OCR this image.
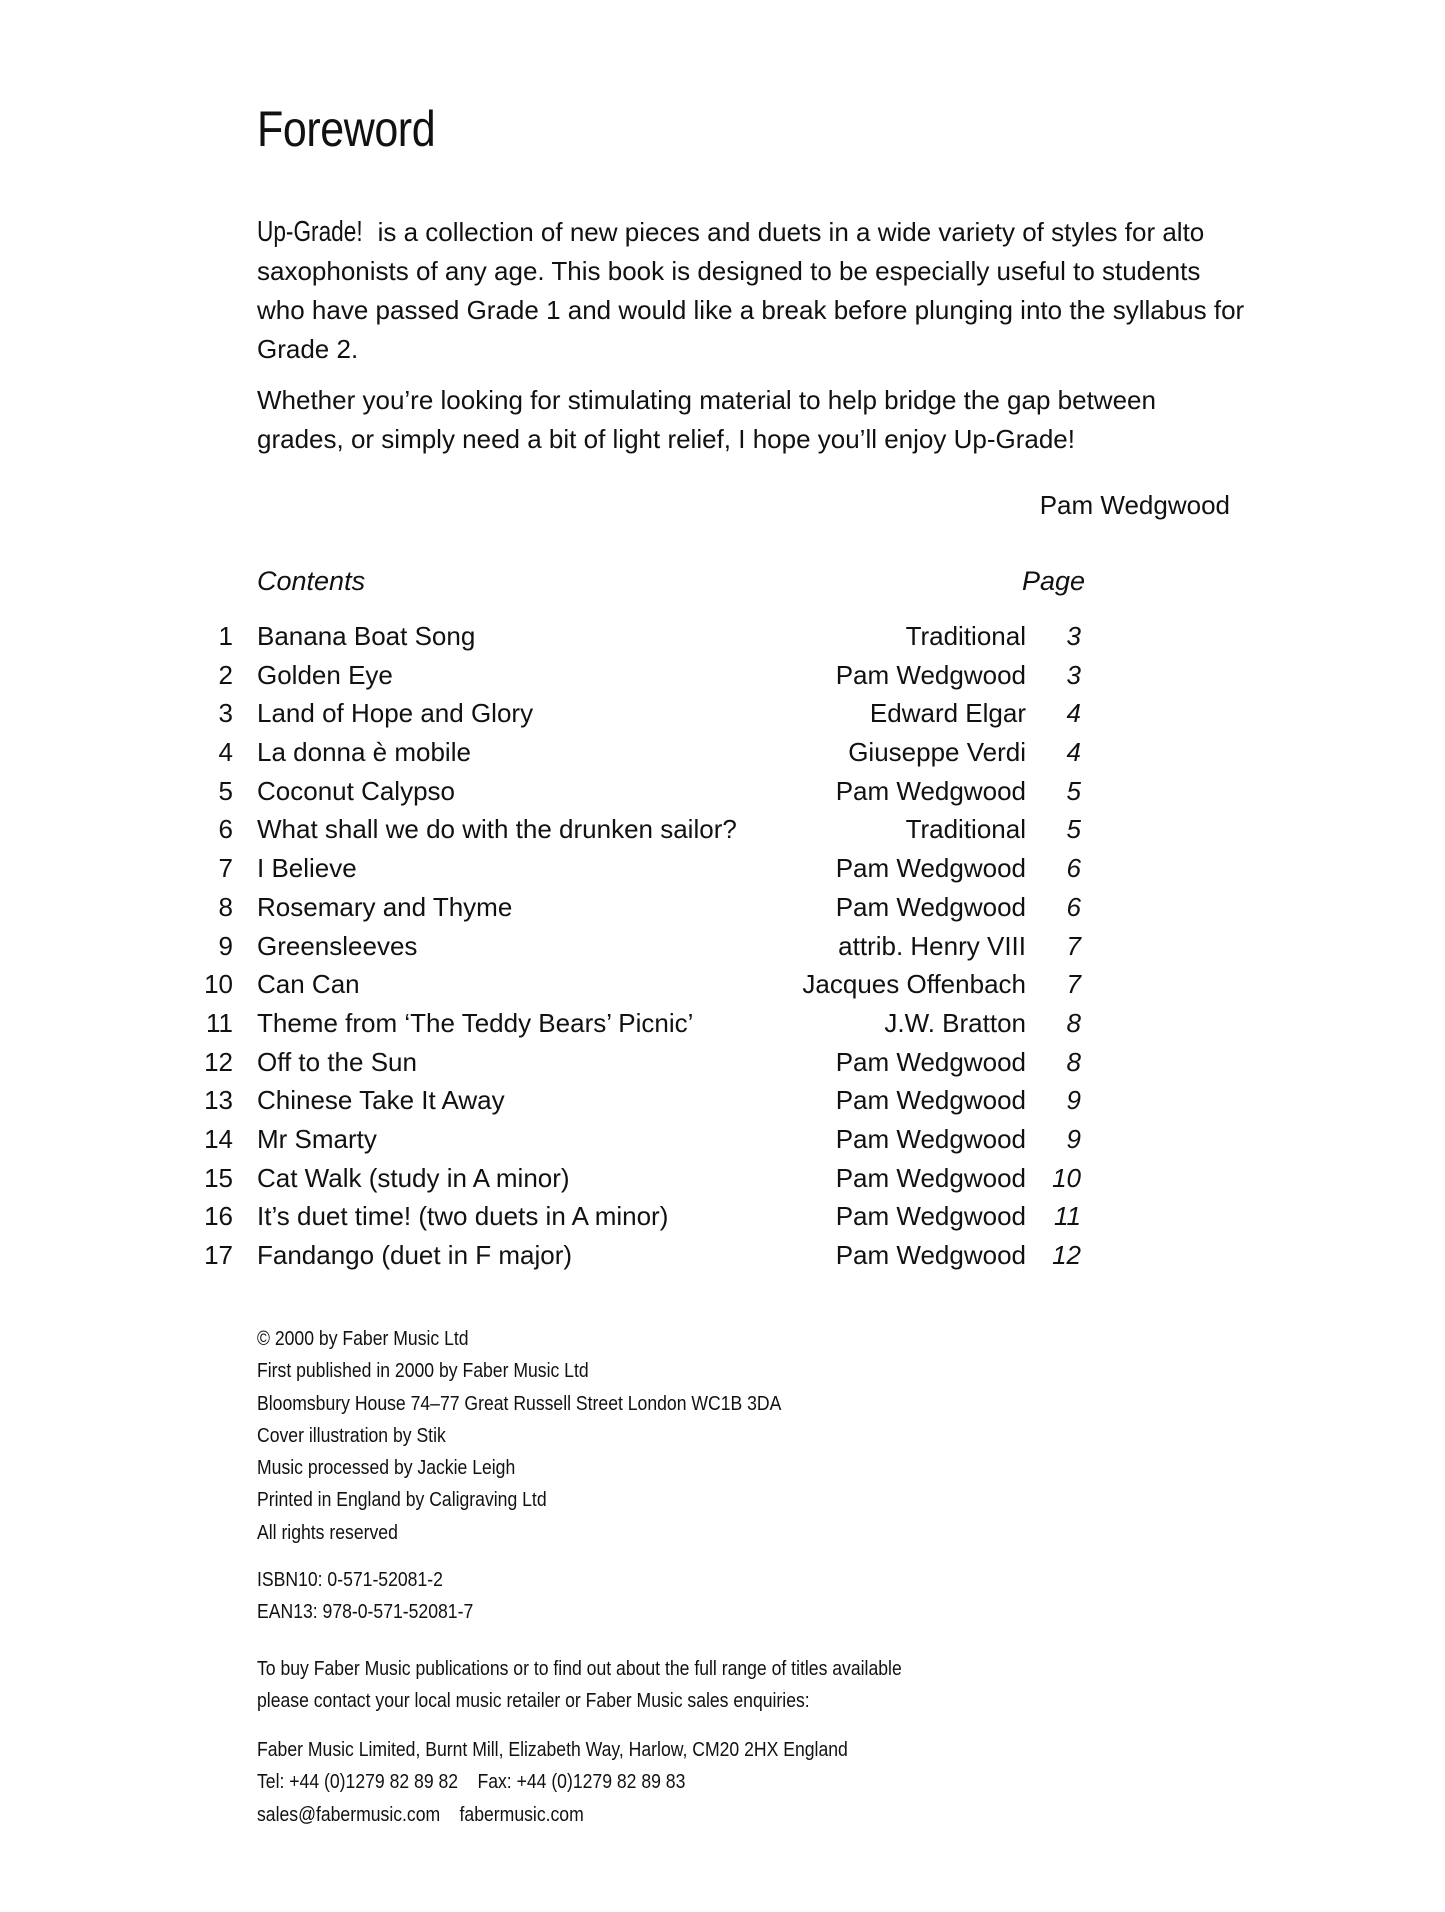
Foreword

Up-Grade! is a collection of new pieces and duets in a wide variety of styles for alto saxophonists of any age. This book is designed to be especially useful to students who have passed Grade 1 and would like a break before plunging into the syllabus for Grade 2.

Whether you’re looking for stimulating material to help bridge the gap between grades, or simply need a bit of light relief, I hope you’ll enjoy Up-Grade!

Pam Wedgwood
Contents	Page
1 Banana Boat Song	Traditional 3
2 Golden Eye	Pam Wedgwood 3
3 Land of Hope and Glory	Edward Elgar 4
4 La donna è mobile	Giuseppe Verdi 4
5 Coconut Calypso	Pam Wedgwood 5
6 What shall we do with the drunken sailor?	Traditional 5
7 I Believe	Pam Wedgwood 6
8 Rosemary and Thyme	Pam Wedgwood 6
9 Greensleeves	attrib. Henry VIII 7
10 Can Can	Jacques Offenbach 7
11 Theme from ‘The Teddy Bears’ Picnic’	J.W. Bratton 8
12 Off to the Sun	Pam Wedgwood 8
13 Chinese Take It Away	Pam Wedgwood 9
14 Mr Smarty	Pam Wedgwood 9
15 Cat Walk (study in A minor)	Pam Wedgwood 10
16 It’s duet time! (two duets in A minor)	Pam Wedgwood 11
17 Fandango (duet in F major)	Pam Wedgwood 12
© 2000 by Faber Music Ltd
First published in 2000 by Faber Music Ltd
Bloomsbury House 74–77 Great Russell Street London WC1B 3DA
Cover illustration by Stik
Music processed by Jackie Leigh
Printed in England by Caligraving Ltd
All rights reserved
ISBN10: 0-571-52081-2
EAN13: 978-0-571-52081-7
To buy Faber Music publications or to find out about the full range of titles available
please contact your local music retailer or Faber Music sales enquiries:
Faber Music Limited, Burnt Mill, Elizabeth Way, Harlow, CM20 2HX England
Tel: +44 (0)1279 82 89 82 Fax: +44 (0)1279 82 89 83
sales@fabermusic.com fabermusic.com
